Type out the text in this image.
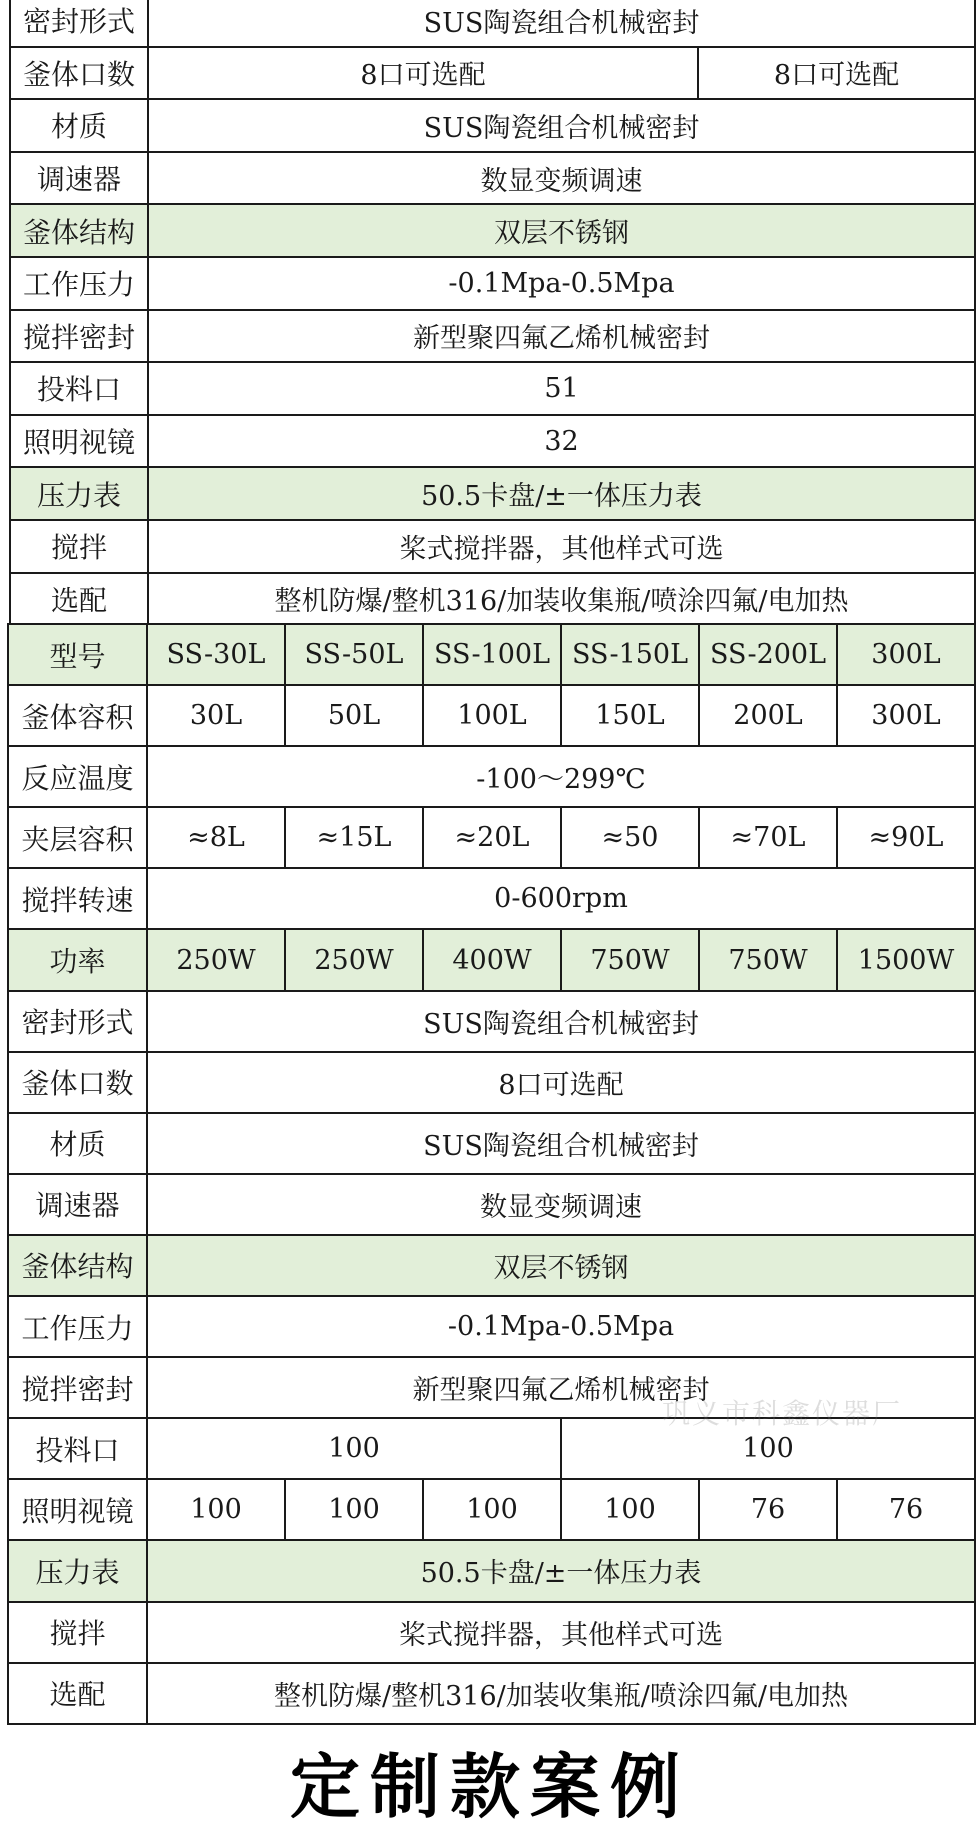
密封形式	SUS陶瓷组合机械密封	
釜体口数	8口可选配	8口可选配
材质	SUS陶瓷组合机械密封	
调速器	数显变频调速	
釜体结构	双层不锈钢	
工作压力	-0.1Mpa-0.5Mpa	
搅拌密封	新型聚四氟乙烯机械密封	
投料口	51	
照明视镜	32	
压力表	50.5卡盘/±一体压力表	
搅拌	桨式搅拌器，其他样式可选	
选配	整机防爆/整机316/加装收集瓶/喷涂四氟/电加热	
型号	SS-30L	SS-50L	SS-100L	SS-150L	SS-200L	300L
釜体容积	30L	50L	100L	150L	200L	300L
反应温度	-100～299℃					
夹层容积	≈8L	≈15L	≈20L	≈50	≈70L	≈90L
搅拌转速	0-600rpm					
功率	250W	250W	400W	750W	750W	1500W
密封形式	SUS陶瓷组合机械密封					
釜体口数	8口可选配					
材质	SUS陶瓷组合机械密封					
调速器	数显变频调速					
釜体结构	双层不锈钢					
工作压力	-0.1Mpa-0.5Mpa					
搅拌密封	新型聚四氟乙烯机械密封					
投料口	100			100		
照明视镜	100	100	100	100	76	76
压力表	50.5卡盘/±一体压力表					
搅拌	桨式搅拌器，其他样式可选					
选配	整机防爆/整机316/加装收集瓶/喷涂四氟/电加热					
巩义市科鑫仪器厂
定制款案例
